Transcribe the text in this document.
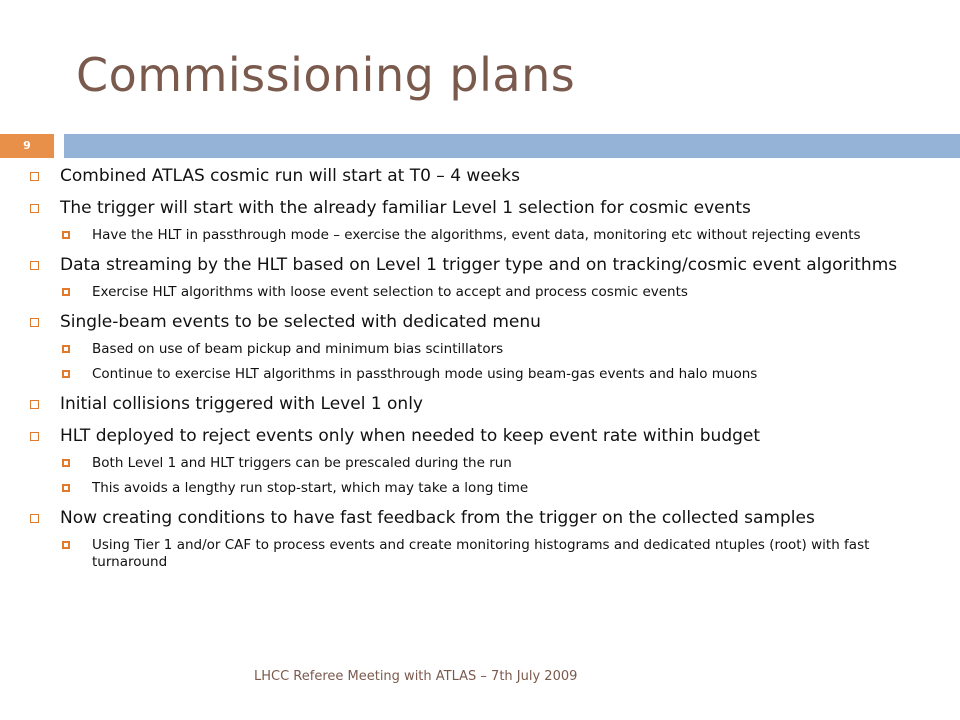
Commissioning plans
9
Combined ATLAS cosmic run will start at T0 – 4 weeks
The trigger will start with the already familiar Level 1 selection for cosmic events
Have the HLT in passthrough mode – exercise the algorithms, event data, monitoring etc without rejecting events
Data streaming by the HLT based on Level 1 trigger type and on tracking/cosmic event algorithms
Exercise HLT algorithms with loose event selection to accept and process cosmic events
Single-beam events to be selected with dedicated menu
Based on use of beam pickup and minimum bias scintillators
Continue to exercise HLT algorithms in passthrough mode using beam-gas events and halo muons
Initial collisions triggered with Level 1 only
HLT deployed to reject events only when needed to keep event rate within budget
Both Level 1 and HLT triggers can be prescaled during the run
This avoids a lengthy run stop-start, which may take a long time
Now creating conditions to have fast feedback from the trigger on the collected samples
Using Tier 1 and/or CAF to process events and create monitoring histograms and dedicated ntuples (root) with fast turnaround
LHCC Referee Meeting with ATLAS – 7th July 2009
